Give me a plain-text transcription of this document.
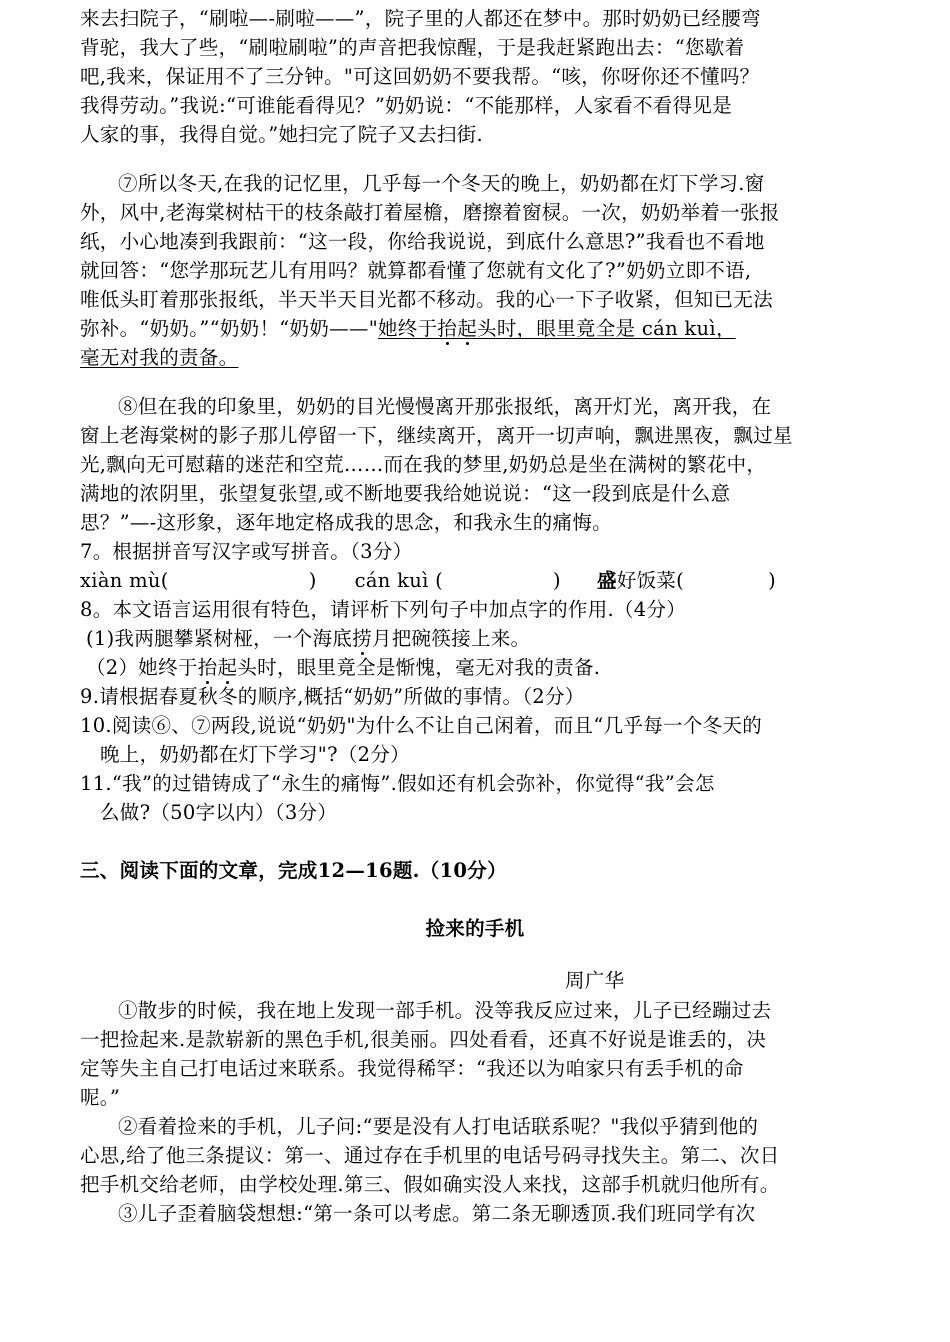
来去扫院子，“刷啦—-刷啦——”，院子里的人都还在梦中。那时奶奶已经腰弯
背驼，我大了些，“刷啦刷啦”的声音把我惊醒，于是我赶紧跑出去：“您歇着
吧,我来，保证用不了三分钟。"可这回奶奶不要我帮。“咳，你呀你还不懂吗？
我得劳动。”我说:“可谁能看得见？”奶奶说：“不能那样，人家看不看得见是
人家的事，我得自觉。”她扫完了院子又去扫街.
⑦所以冬天,在我的记忆里，几乎每一个冬天的晚上，奶奶都在灯下学习.窗
外，风中,老海棠树枯干的枝条敲打着屋檐，磨擦着窗棂。一次，奶奶举着一张报
纸，小心地凑到我跟前：“这一段，你给我说说，到底什么意思?”我看也不看地
就回答：“您学那玩艺儿有用吗？就算都看懂了您就有文化了?”奶奶立即不语,
唯低头盯着那张报纸，半天半天目光都不移动。我的心一下子收紧，但知已无法
弥补。“奶奶。”“奶奶！“奶奶——"她终于抬起头时，眼里竟全是 cán kuì，
毫无对我的责备。
⑧但在我的印象里，奶奶的目光慢慢离开那张报纸，离开灯光，离开我，在
窗上老海棠树的影子那儿停留一下，继续离开，离开一切声响，飘进黑夜，飘过星
光,飘向无可慰藉的迷茫和空荒……而在我的梦里,奶奶总是坐在满树的繁花中，
满地的浓阴里，张望复张望,或不断地要我给她说说：“这一段到底是什么意
思？”—-这形象，逐年地定格成我的思念，和我永生的痛悔。
7。根据拼音写汉字或写拼音。（3分）
xiàn mù(	) cán kuì (	) 盛好饭菜(	)
8。本文语言运用很有特色，请评析下列句子中加点字的作用.（4分）
(1)我两腿攀紧树桠，一个海底捞月把碗筷接上来。
（2）她终于抬起头时，眼里竟全是惭愧，毫无对我的责备.
9.请根据春夏秋冬的顺序,概括“奶奶”所做的事情。（2分）
10.阅读⑥、⑦两段,说说“奶奶"为什么不让自己闲着，而且“几乎每一个冬天的
晚上，奶奶都在灯下学习"?（2分）
11.“我”的过错铸成了“永生的痛悔”.假如还有机会弥补，你觉得“我”会怎
么做?（50字以内）（3分）
三、阅读下面的文章，完成12—16题.（10分）
捡来的手机
周广华
①散步的时候，我在地上发现一部手机。没等我反应过来，儿子已经蹦过去
一把捡起来.是款崭新的黑色手机,很美丽。四处看看，还真不好说是谁丢的，决
定等失主自己打电话过来联系。我觉得稀罕：“我还以为咱家只有丢手机的命
呢。”
②看着捡来的手机，儿子问:“要是没有人打电话联系呢？"我似乎猜到他的
心思,给了他三条提议：第一、通过存在手机里的电话号码寻找失主。第二、次日
把手机交给老师，由学校处理.第三、假如确实没人来找，这部手机就归他所有。
③儿子歪着脑袋想想:“第一条可以考虑。第二条无聊透顶.我们班同学有次
